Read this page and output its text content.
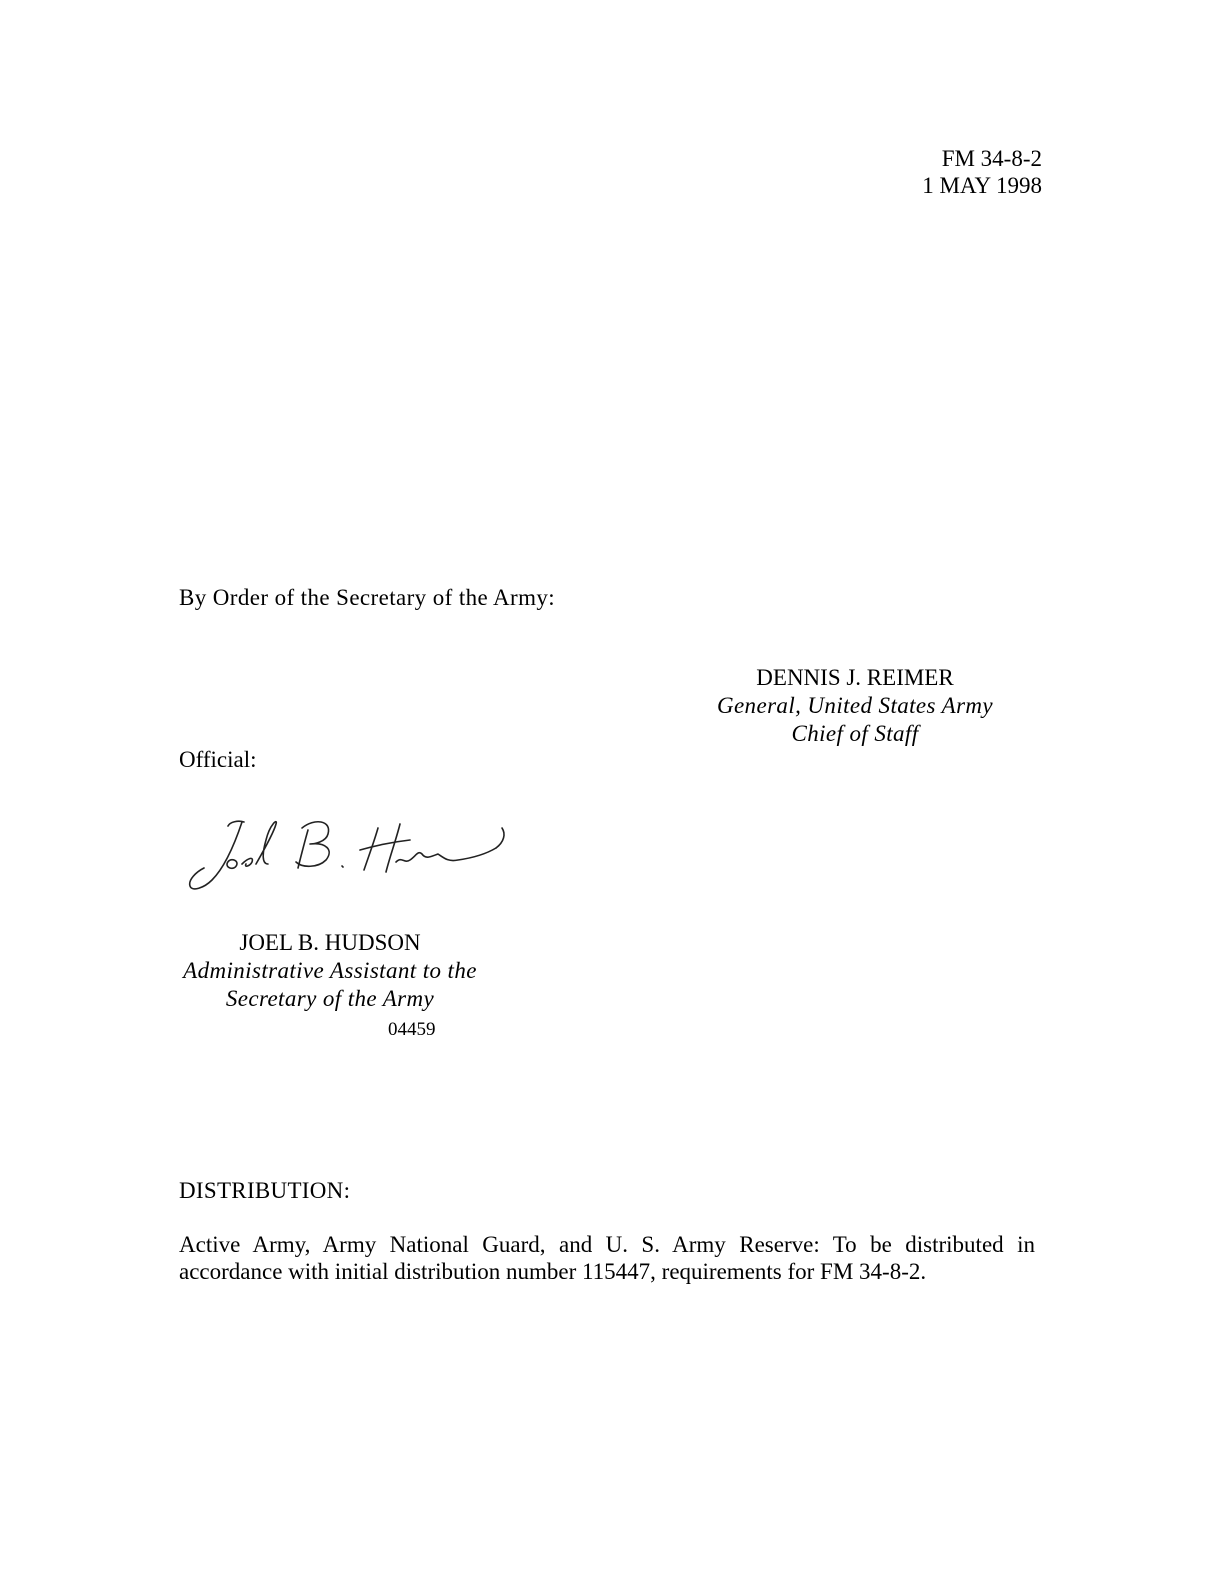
FM 34-8-2
1 MAY 1998

By Order of the Secretary of the Army:

DENNIS J. REIMER
General, United States Army
Chief of Staff

Official:

JOEL B. HUDSON
Administrative Assistant to the
Secretary of the Army
04459

DISTRIBUTION:

Active Army, Army National Guard, and U. S. Army Reserve: To be distributed in accordance with initial distribution number 115447, requirements for FM 34-8-2.
